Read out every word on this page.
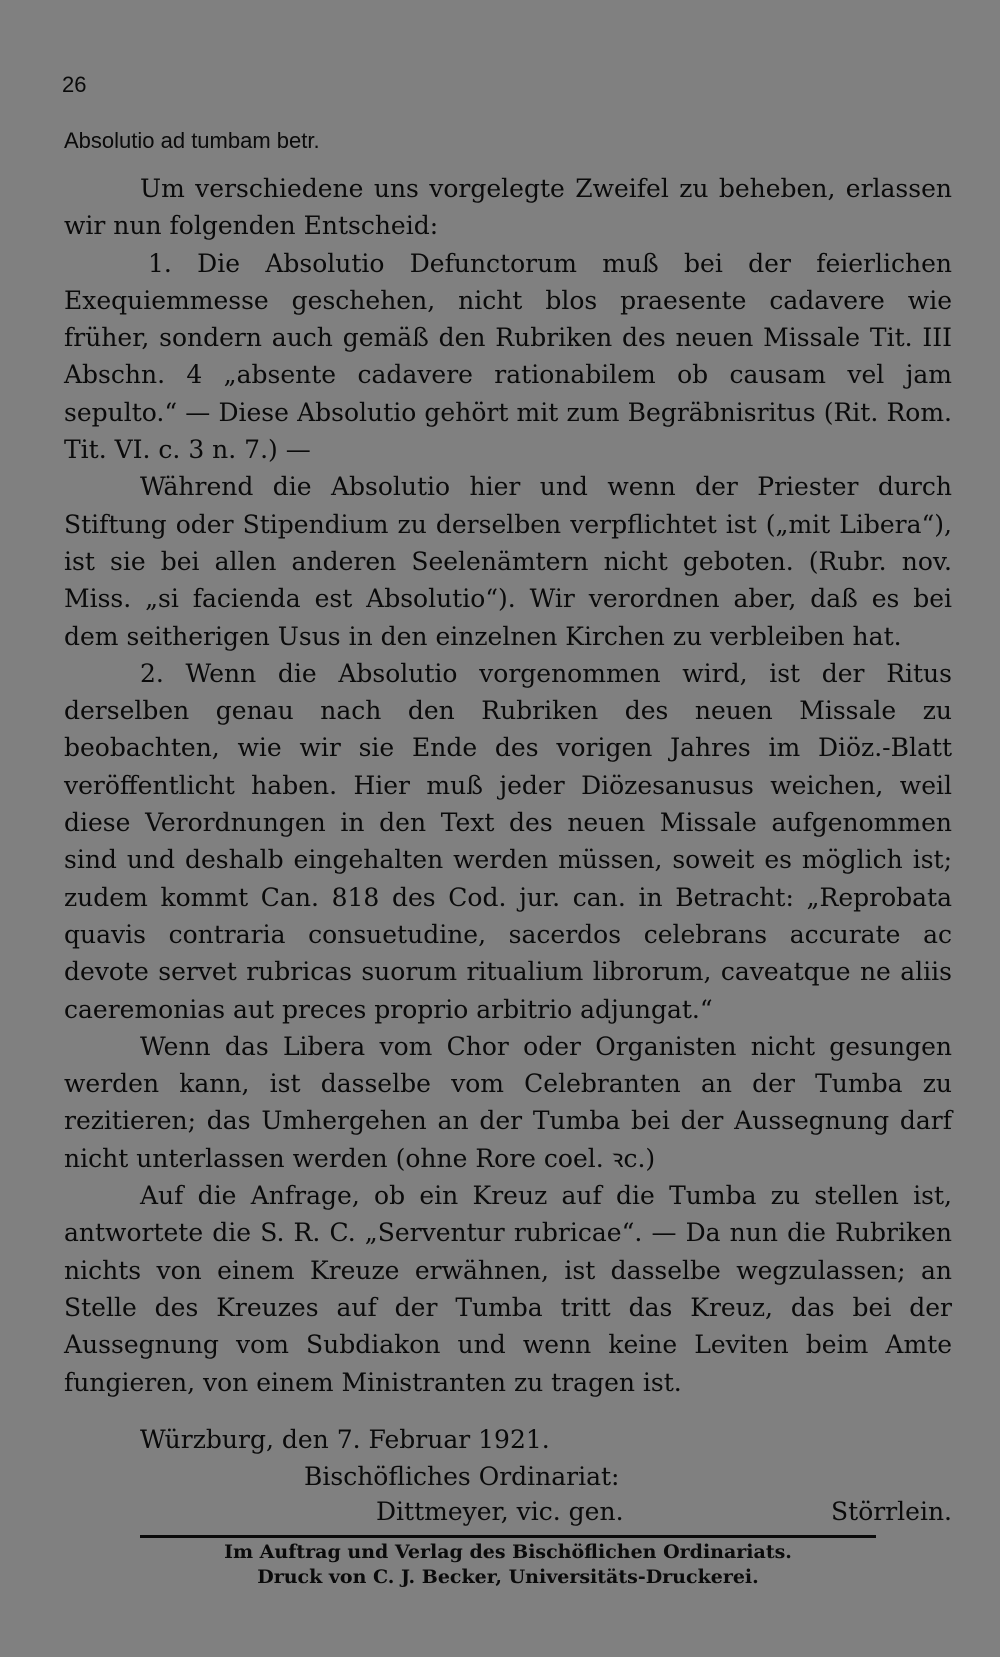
26
Absolutio ad tumbam betr.

Um verschiedene uns vorgelegte Zweifel zu beheben, erlassen wir nun folgenden Entscheid:

1. Die Absolutio Defunctorum muß bei der feierlichen Exequiemmesse geschehen, nicht blos praesente cadavere wie früher, sondern auch gemäß den Rubriken des neuen Missale Tit. III Abschn. 4 „absente cadavere rationabilem ob causam vel jam sepulto.“ — Diese Absolutio gehört mit zum Begräbnisritus (Rit. Rom. Tit. VI. c. 3 n. 7.) —

Während die Absolutio hier und wenn der Priester durch Stiftung oder Stipendium zu derselben verpflichtet ist („mit Libera“), ist sie bei allen anderen Seelenämtern nicht geboten. (Rubr. nov. Miss. „si facienda est Absolutio“). Wir verordnen aber, daß es bei dem seitherigen Usus in den einzelnen Kirchen zu verbleiben hat.

2. Wenn die Absolutio vorgenommen wird, ist der Ritus derselben genau nach den Rubriken des neuen Missale zu beobachten, wie wir sie Ende des vorigen Jahres im Diöz.-Blatt veröffentlicht haben. Hier muß jeder Diözesanusus weichen, weil diese Verordnungen in den Text des neuen Missale aufgenommen sind und deshalb eingehalten werden müssen, soweit es möglich ist; zudem kommt Can. 818 des Cod. jur. can. in Betracht: „Reprobata quavis contraria consuetudine, sacerdos celebrans accurate ac devote servet rubricas suorum ritualium librorum, caveatque ne aliis caeremonias aut preces proprio arbitrio adjungat.“

Wenn das Libera vom Chor oder Organisten nicht gesungen werden kann, ist dasselbe vom Celebranten an der Tumba zu rezitieren; das Umhergehen an der Tumba bei der Aussegnung darf nicht unterlassen werden (ohne Rore coel. ꝛc.)

Auf die Anfrage, ob ein Kreuz auf die Tumba zu stellen ist, antwortete die S. R. C. „Serventur rubricae“. — Da nun die Rubriken nichts von einem Kreuze erwähnen, ist dasselbe wegzulassen; an Stelle des Kreuzes auf der Tumba tritt das Kreuz, das bei der Aussegnung vom Subdiakon und wenn keine Leviten beim Amte fungieren, von einem Ministranten zu tragen ist.

Würzburg, den 7. Februar 1921.
Bischöfliches Ordinariat:
Dittmeyer, vic. gen.	Störrlein.
Im Auftrag und Verlag des Bischöflichen Ordinariats.
Druck von C. J. Becker, Universitäts-Druckerei.
